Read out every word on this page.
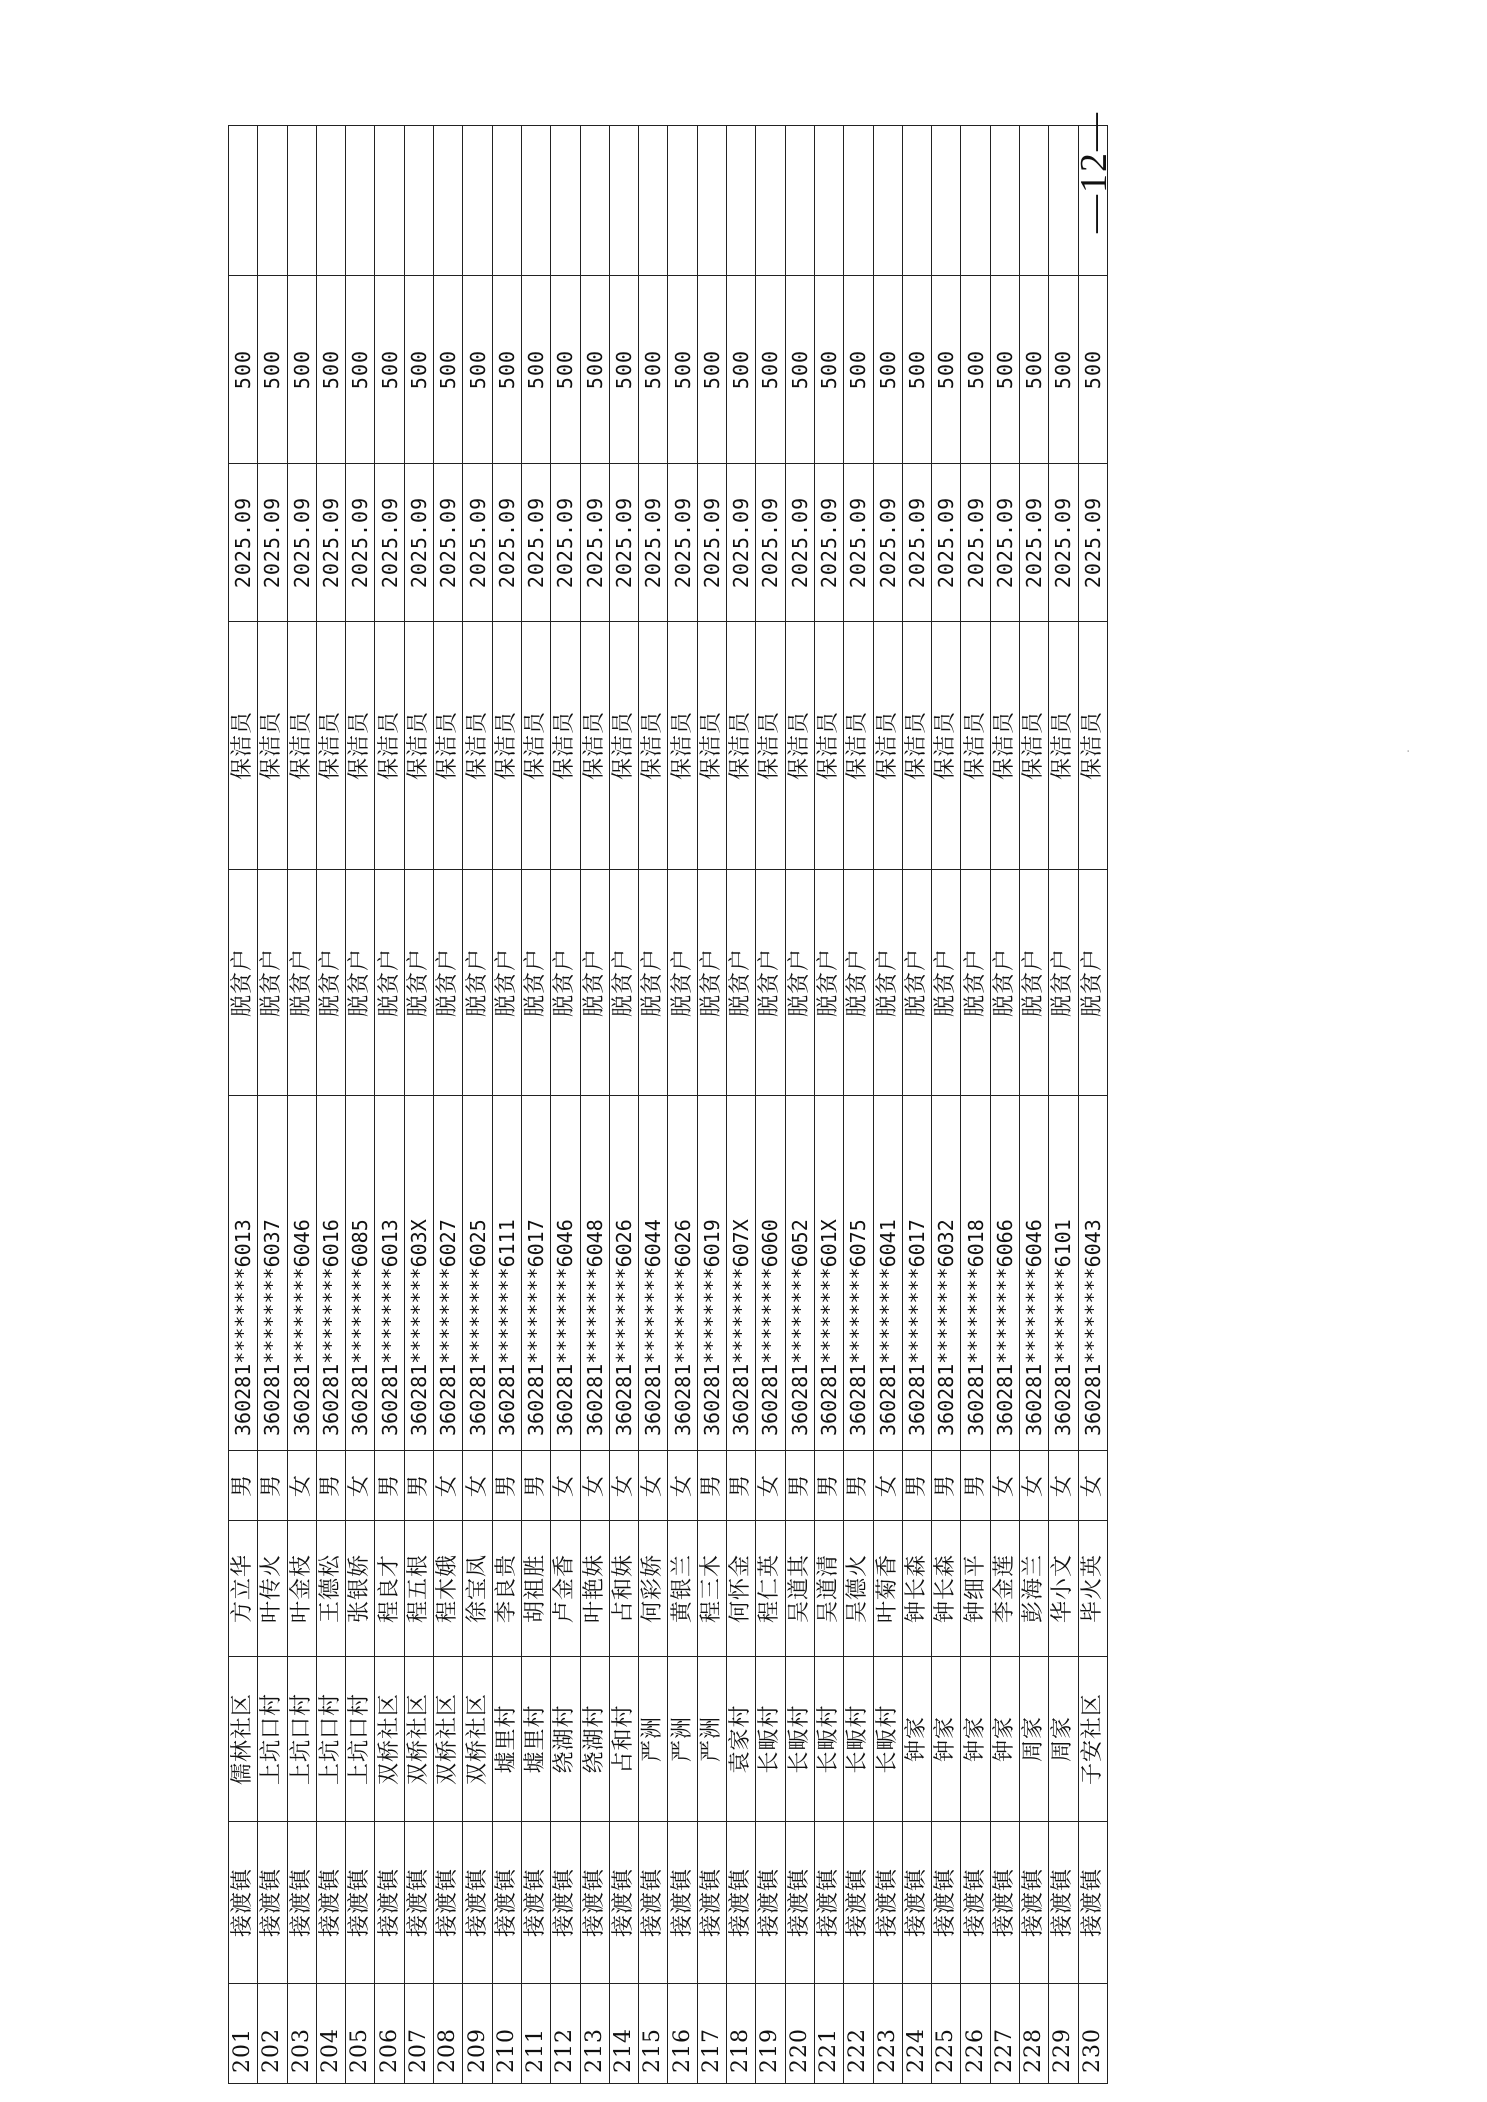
201	接渡镇	儒林社区	方立华	男	360281********6013	脱贫户	保洁员	2025.09	500	
202	接渡镇	上坑口村	叶传火	男	360281********6037	脱贫户	保洁员	2025.09	500	
203	接渡镇	上坑口村	叶金枝	女	360281********6046	脱贫户	保洁员	2025.09	500	
204	接渡镇	上坑口村	王德松	男	360281********6016	脱贫户	保洁员	2025.09	500	
205	接渡镇	上坑口村	张银娇	女	360281********6085	脱贫户	保洁员	2025.09	500	
206	接渡镇	双桥社区	程良才	男	360281********6013	脱贫户	保洁员	2025.09	500	
207	接渡镇	双桥社区	程五根	男	360281********603X	脱贫户	保洁员	2025.09	500	
208	接渡镇	双桥社区	程木娥	女	360281********6027	脱贫户	保洁员	2025.09	500	
209	接渡镇	双桥社区	徐宝凤	女	360281********6025	脱贫户	保洁员	2025.09	500	
210	接渡镇	墟里村	李良贵	男	360281********6111	脱贫户	保洁员	2025.09	500	
211	接渡镇	墟里村	胡祖胜	男	360281********6017	脱贫户	保洁员	2025.09	500	
212	接渡镇	绕湖村	卢金香	女	360281********6046	脱贫户	保洁员	2025.09	500	
213	接渡镇	绕湖村	叶艳妹	女	360281********6048	脱贫户	保洁员	2025.09	500	
214	接渡镇	占和村	占和妹	女	360281********6026	脱贫户	保洁员	2025.09	500	
215	接渡镇	严洲	何彩娇	女	360281********6044	脱贫户	保洁员	2025.09	500	
216	接渡镇	严洲	黄银兰	女	360281********6026	脱贫户	保洁员	2025.09	500	
217	接渡镇	严洲	程三木	男	360281********6019	脱贫户	保洁员	2025.09	500	
218	接渡镇	袁家村	何怀金	男	360281********607X	脱贫户	保洁员	2025.09	500	
219	接渡镇	长畈村	程仁英	女	360281********6060	脱贫户	保洁员	2025.09	500	
220	接渡镇	长畈村	吴道其	男	360281********6052	脱贫户	保洁员	2025.09	500	
221	接渡镇	长畈村	吴道清	男	360281********601X	脱贫户	保洁员	2025.09	500	
222	接渡镇	长畈村	吴德火	男	360281********6075	脱贫户	保洁员	2025.09	500	
223	接渡镇	长畈村	叶菊香	女	360281********6041	脱贫户	保洁员	2025.09	500	
224	接渡镇	钟家	钟长森	男	360281********6017	脱贫户	保洁员	2025.09	500	
225	接渡镇	钟家	钟长森	男	360281********6032	脱贫户	保洁员	2025.09	500	
226	接渡镇	钟家	钟细平	男	360281********6018	脱贫户	保洁员	2025.09	500	
227	接渡镇	钟家	李金莲	女	360281********6066	脱贫户	保洁员	2025.09	500	
228	接渡镇	周家	彭海兰	女	360281********6046	脱贫户	保洁员	2025.09	500	
229	接渡镇	周家	华小文	女	360281********6101	脱贫户	保洁员	2025.09	500	
230	接渡镇	子安社区	毕火英	女	360281********6043	脱贫户	保洁员	2025.09	500	
—12—
·
